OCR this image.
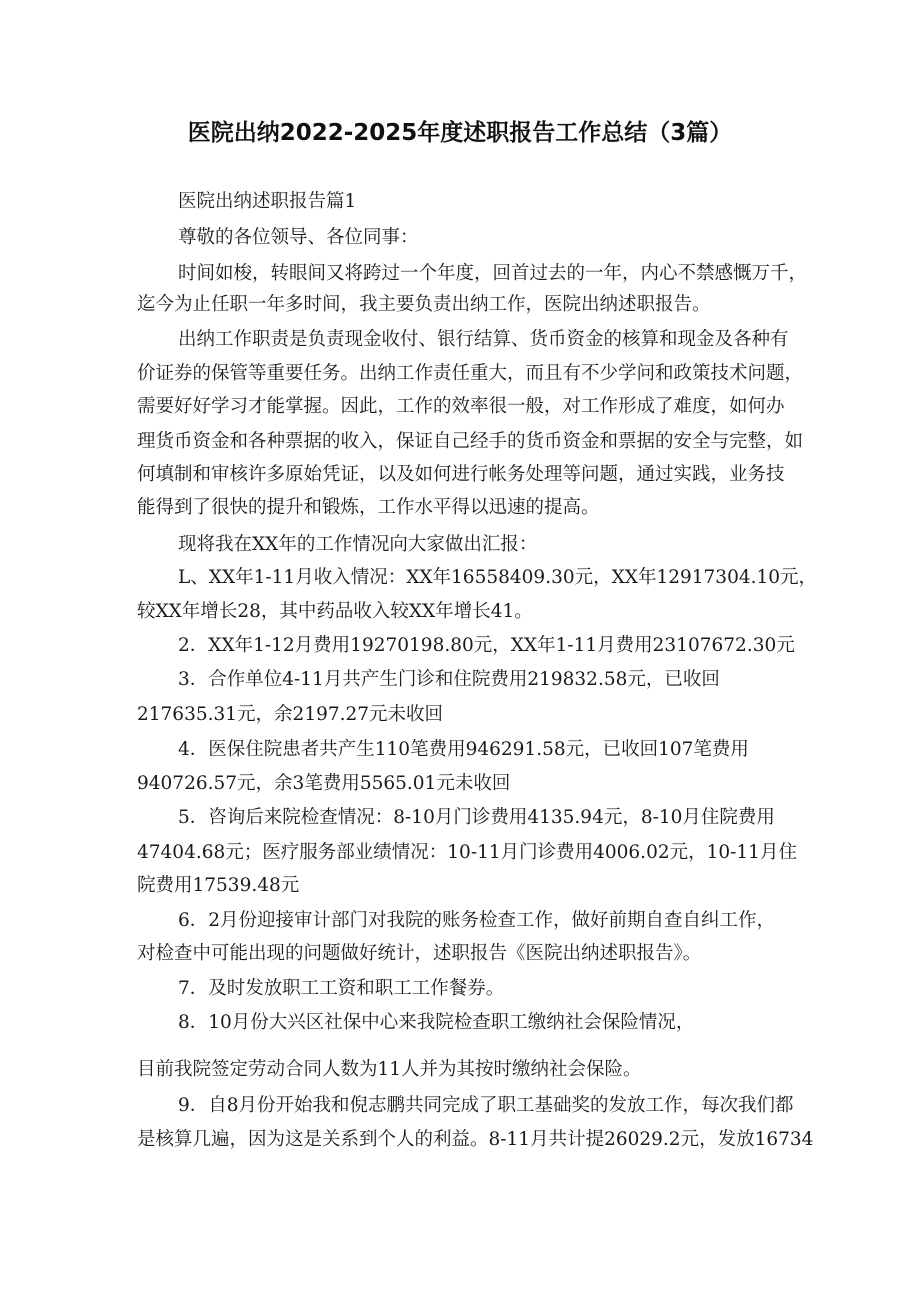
医院出纳2022-2025年度述职报告工作总结（3篇）
医院出纳述职报告篇1
尊敬的各位领导、各位同事：
时间如梭，转眼间又将跨过一个年度，回首过去的一年，内心不禁感慨万千，
迄今为止任职一年多时间，我主要负责出纳工作，医院出纳述职报告。
出纳工作职责是负责现金收付、银行结算、货币资金的核算和现金及各种有
价证券的保管等重要任务。出纳工作责任重大，而且有不少学问和政策技术问题，
需要好好学习才能掌握。因此，工作的效率很一般，对工作形成了难度，如何办
理货币资金和各种票据的收入，保证自己经手的货币资金和票据的安全与完整，如
何填制和审核许多原始凭证，以及如何进行帐务处理等问题，通过实践，业务技
能得到了很快的提升和锻炼，工作水平得以迅速的提高。
现将我在XX年的工作情况向大家做出汇报：
L、XX年1-11月收入情况：XX年16558409.30元，XX年12917304.10元，
较XX年增长28，其中药品收入较XX年增长41。
2．XX年1-12月费用19270198.80元，XX年1-11月费用23107672.30元
3．合作单位4-11月共产生门诊和住院费用219832.58元，已收回
217635.31元，余2197.27元未收回
4．医保住院患者共产生110笔费用946291.58元，已收回107笔费用
940726.57元，余3笔费用5565.01元未收回
5．咨询后来院检查情况：8-10月门诊费用4135.94元，8-10月住院费用
47404.68元；医疗服务部业绩情况：10-11月门诊费用4006.02元，10-11月住
院费用17539.48元
6．2月份迎接审计部门对我院的账务检查工作，做好前期自查自纠工作，
对检查中可能出现的问题做好统计，述职报告《医院出纳述职报告》。
7．及时发放职工工资和职工工作餐券。
8．10月份大兴区社保中心来我院检查职工缴纳社会保险情况，
目前我院签定劳动合同人数为11人并为其按时缴纳社会保险。
9．自8月份开始我和倪志鹏共同完成了职工基础奖的发放工作，每次我们都
是核算几遍，因为这是关系到个人的利益。8-11月共计提26029.2元，发放16734
